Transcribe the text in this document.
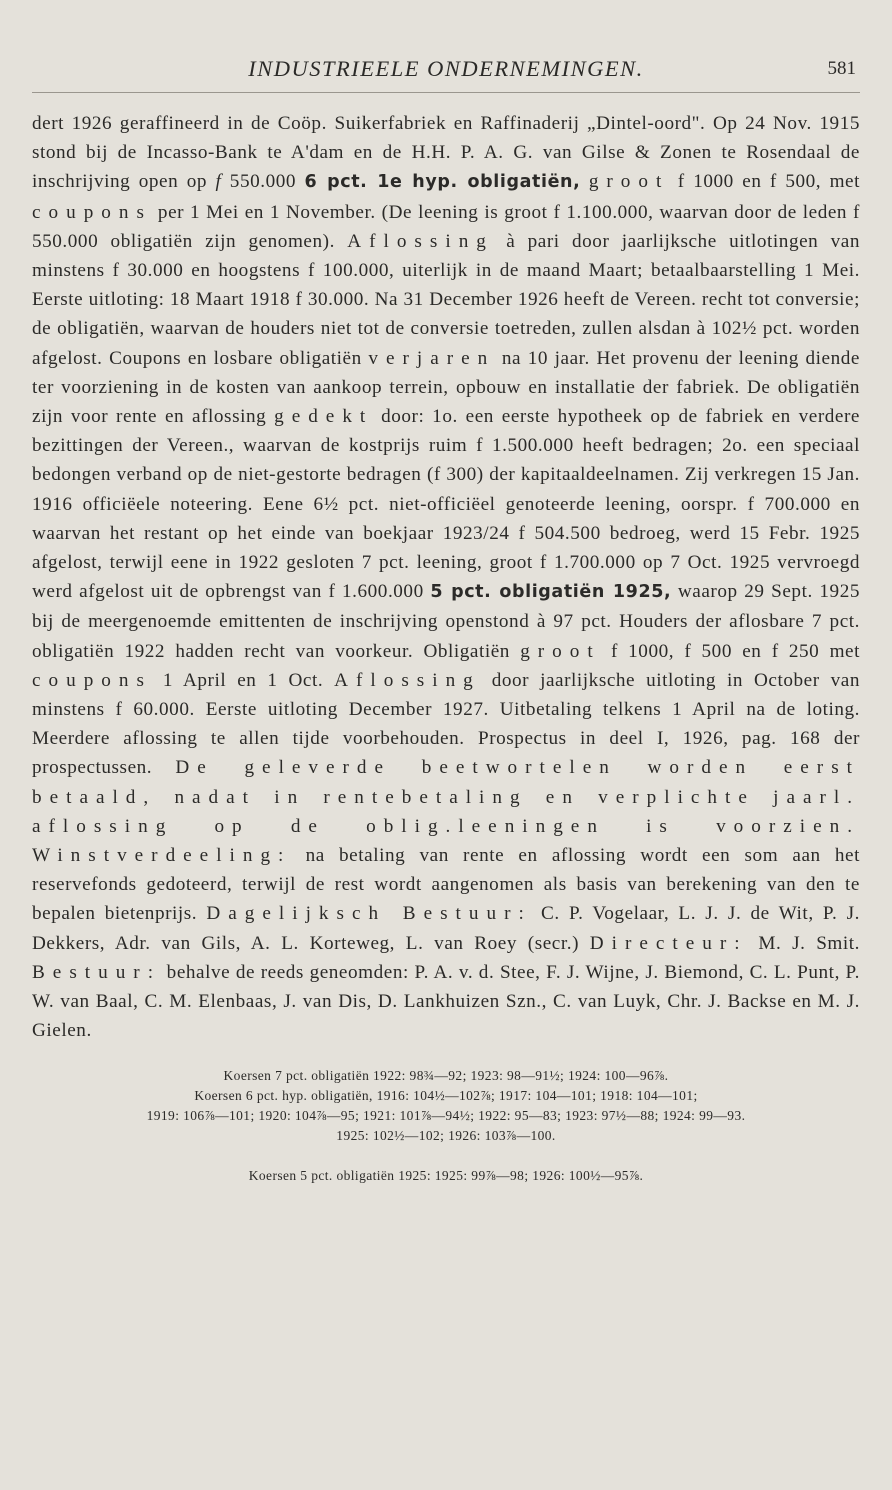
INDUSTRIEELE ONDERNEMINGEN.	581

dert 1926 geraffineerd in de Coöp. Suikerfabriek en Raffinaderij „Dintel-oord". Op 24 Nov. 1915 stond bij de Incasso-Bank te A'dam en de H.H. P. A. G. van Gilse & Zonen te Rosendaal de inschrijving open op f 550.000 6 pct. 1e hyp. obligatiën, groot f 1000 en f 500, met coupons per 1 Mei en 1 November. (De leening is groot f 1.100.000, waarvan door de leden f 550.000 obligatiën zijn genomen). Aflossing à pari door jaarlijksche uitlotingen van minstens f 30.000 en hoogstens f 100.000, uiterlijk in de maand Maart; betaalbaarstelling 1 Mei. Eerste uitloting: 18 Maart 1918 f 30.000. Na 31 December 1926 heeft de Vereen. recht tot conversie; de obligatiën, waarvan de houders niet tot de conversie toetreden, zullen alsdan à 102½ pct. worden afgelost. Coupons en losbare obligatiën verjaren na 10 jaar. Het provenu der leening diende ter voorziening in de kosten van aankoop terrein, opbouw en installatie der fabriek. De obligatiën zijn voor rente en aflossing gedekt door: 1o. een eerste hypotheek op de fabriek en verdere bezittingen der Vereen., waarvan de kostprijs ruim f 1.500.000 heeft bedragen; 2o. een speciaal bedongen verband op de niet-gestorte bedragen (f 300) der kapitaaldeelnamen. Zij verkregen 15 Jan. 1916 officiëele noteering. Eene 6½ pct. niet-officiëel genoteerde leening, oorspr. f 700.000 en waarvan het restant op het einde van boekjaar 1923/24 f 504.500 bedroeg, werd 15 Febr. 1925 afgelost, terwijl eene in 1922 gesloten 7 pct. leening, groot f 1.700.000 op 7 Oct. 1925 vervroegd werd afgelost uit de opbrengst van f 1.600.000 5 pct. obligatiën 1925, waarop 29 Sept. 1925 bij de meergenoemde emittenten de inschrijving openstond à 97 pct. Houders der aflosbare 7 pct. obligatiën 1922 hadden recht van voorkeur. Obligatiën groot f 1000, f 500 en f 250 met coupons 1 April en 1 Oct. Aflossing door jaarlijksche uitloting in October van minstens f 60.000. Eerste uitloting December 1927. Uitbetaling telkens 1 April na de loting. Meerdere aflossing te allen tijde voorbehouden. Prospectus in deel I, 1926, pag. 168 der prospectussen. De geleverde beetwortelen worden eerst betaald, nadat in rentebetaling en verplichte jaarl. aflossing op de oblig.leeningen is voorzien. Winstverdeeling: na betaling van rente en aflossing wordt een som aan het reservefonds gedoteerd, terwijl de rest wordt aangenomen als basis van berekening van den te bepalen bietenprijs. Dagelijksch Bestuur: C. P. Vogelaar, L. J. J. de Wit, P. J. Dekkers, Adr. van Gils, A. L. Korteweg, L. van Roey (secr.) Directeur: M. J. Smit. Bestuur: behalve de reeds geneomden: P. A. v. d. Stee, F. J. Wijne, J. Biemond, C. L. Punt, P. W. van Baal, C. M. Elenbaas, J. van Dis, D. Lankhuizen Szn., C. van Luyk, Chr. J. Backse en M. J. Gielen.

Koersen 7 pct. obligatiën 1922: 98¾—92; 1923: 98—91½; 1924: 100—96⅞.

Koersen 6 pct. hyp. obligatiën, 1916: 104½—102⅞; 1917: 104—101; 1918: 104—101;

1919: 106⅞—101; 1920: 104⅞—95; 1921: 101⅞—94½; 1922: 95—83; 1923: 97½—88; 1924: 99—93.

1925: 102½—102; 1926: 103⅞—100.

Koersen 5 pct. obligatiën 1925: 1925: 99⅞—98; 1926: 100½—95⅞.
